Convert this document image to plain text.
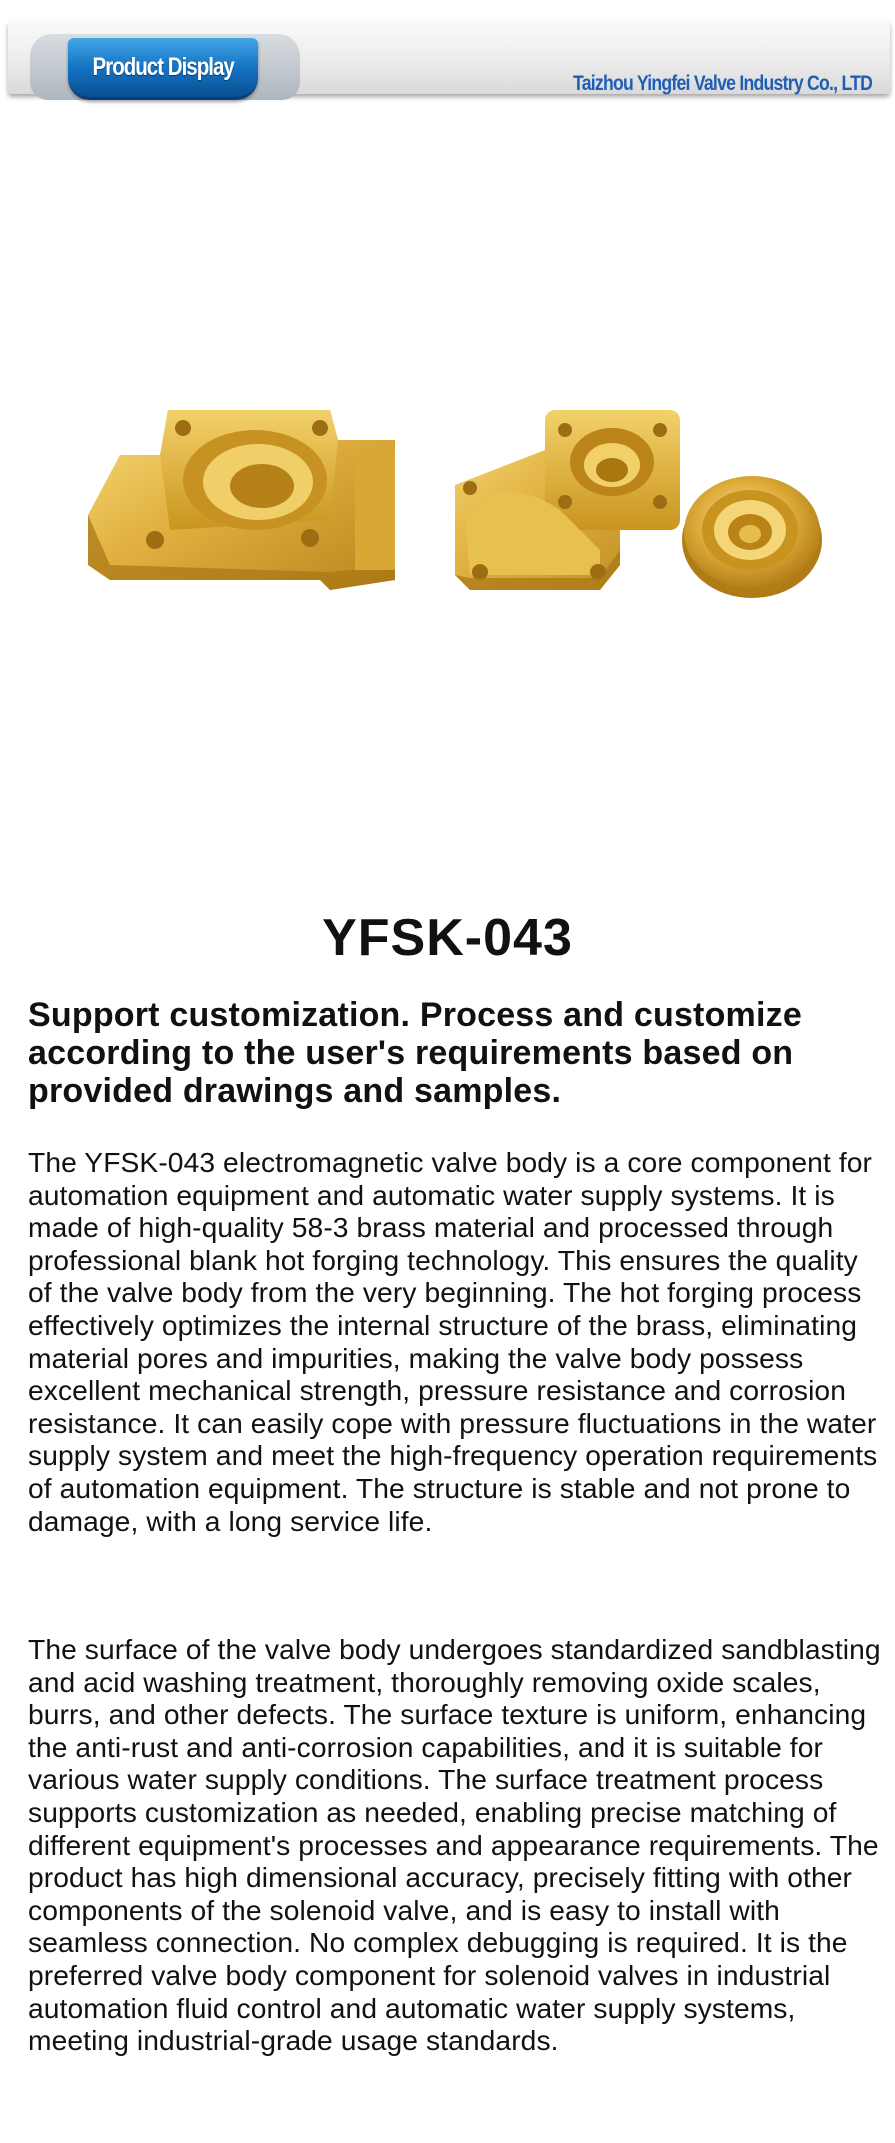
Product Display
Taizhou Yingfei Valve Industry Co., LTD
YFSK-043
Support customization. Process and customize according to the user's requirements based on provided drawings and samples.
The YFSK-043 electromagnetic valve body is a core component for automation equipment and automatic water supply systems. It is made of high-quality 58-3 brass material and processed through professional blank hot forging technology. This ensures the quality of the valve body from the very beginning. The hot forging process effectively optimizes the internal structure of the brass, eliminating material pores and impurities, making the valve body possess excellent mechanical strength, pressure resistance and corrosion resistance. It can easily cope with pressure fluctuations in the water supply system and meet the high-frequency operation requirements of automation equipment. The structure is stable and not prone to damage, with a long service life.
The surface of the valve body undergoes standardized sandblasting and acid washing treatment, thoroughly removing oxide scales, burrs, and other defects. The surface texture is uniform, enhancing the anti-rust and anti-corrosion capabilities, and it is suitable for various water supply conditions. The surface treatment process supports customization as needed, enabling precise matching of different equipment's processes and appearance requirements. The product has high dimensional accuracy, precisely fitting with other components of the solenoid valve, and is easy to install with seamless connection. No complex debugging is required. It is the preferred valve body component for solenoid valves in industrial automation fluid control and automatic water supply systems, meeting industrial-grade usage standards.
